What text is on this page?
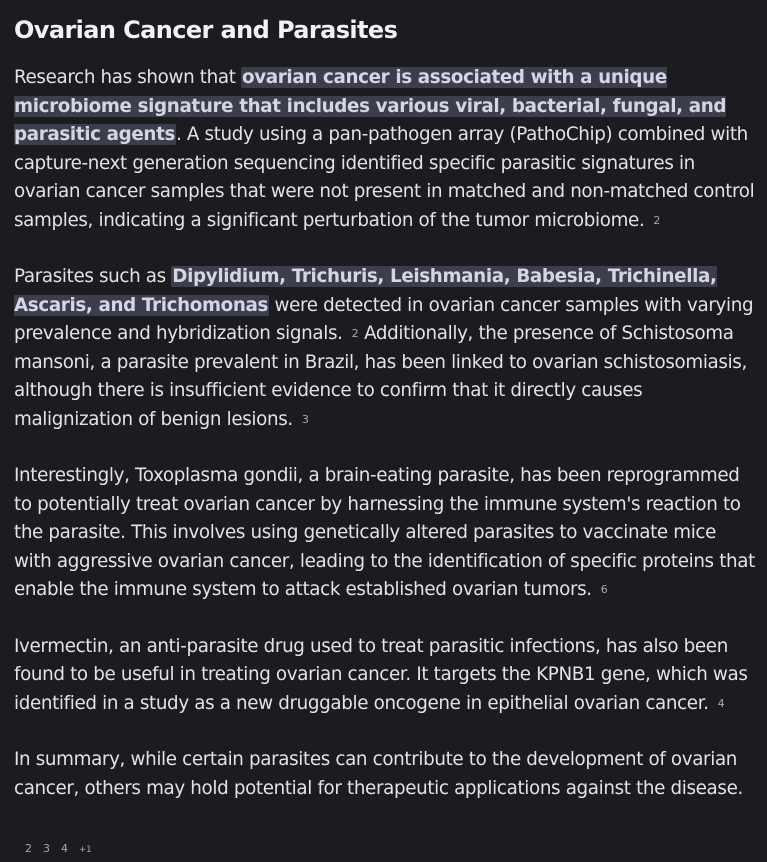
Ovarian Cancer and Parasites

Research has shown that ovarian cancer is associated with a unique microbiome signature that includes various viral, bacterial, fungal, and parasitic agents. A study using a pan-pathogen array (PathoChip) combined with capture-next generation sequencing identified specific parasitic signatures in ovarian cancer samples that were not present in matched and non-matched control samples, indicating a significant perturbation of the tumor microbiome. 2

Parasites such as Dipylidium, Trichuris, Leishmania, Babesia, Trichinella, Ascaris, and Trichomonas were detected in ovarian cancer samples with varying prevalence and hybridization signals. 2 Additionally, the presence of Schistosoma mansoni, a parasite prevalent in Brazil, has been linked to ovarian schistosomiasis, although there is insufficient evidence to confirm that it directly causes malignization of benign lesions. 3

Interestingly, Toxoplasma gondii, a brain-eating parasite, has been reprogrammed to potentially treat ovarian cancer by harnessing the immune system's reaction to the parasite. This involves using genetically altered parasites to vaccinate mice with aggressive ovarian cancer, leading to the identification of specific proteins that enable the immune system to attack established ovarian tumors. 6

Ivermectin, an anti-parasite drug used to treat parasitic infections, has also been found to be useful in treating ovarian cancer. It targets the KPNB1 gene, which was identified in a study as a new druggable oncogene in epithelial ovarian cancer. 4

In summary, while certain parasites can contribute to the development of ovarian cancer, others may hold potential for therapeutic applications against the disease.

2 3 4 +1
